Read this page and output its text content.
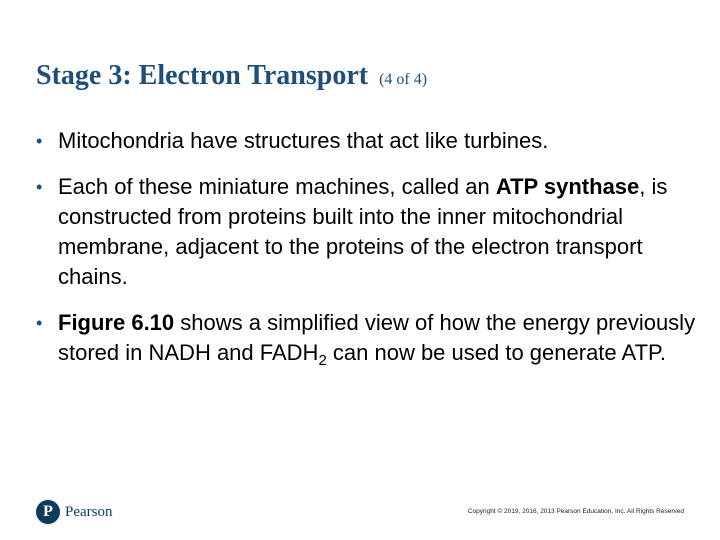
Stage 3: Electron Transport (4 of 4)
• Mitochondria have structures that act like turbines.
• Each of these miniature machines, called an ATP synthase, is constructed from proteins built into the inner mitochondrial membrane, adjacent to the proteins of the electron transport chains.
• Figure 6.10 shows a simplified view of how the energy previously stored in NADH and $FADH_2$ can now be used to generate ATP.
P Pearson	Copyright © 2019, 2016, 2013 Pearson Education, Inc. All Rights Reserved
